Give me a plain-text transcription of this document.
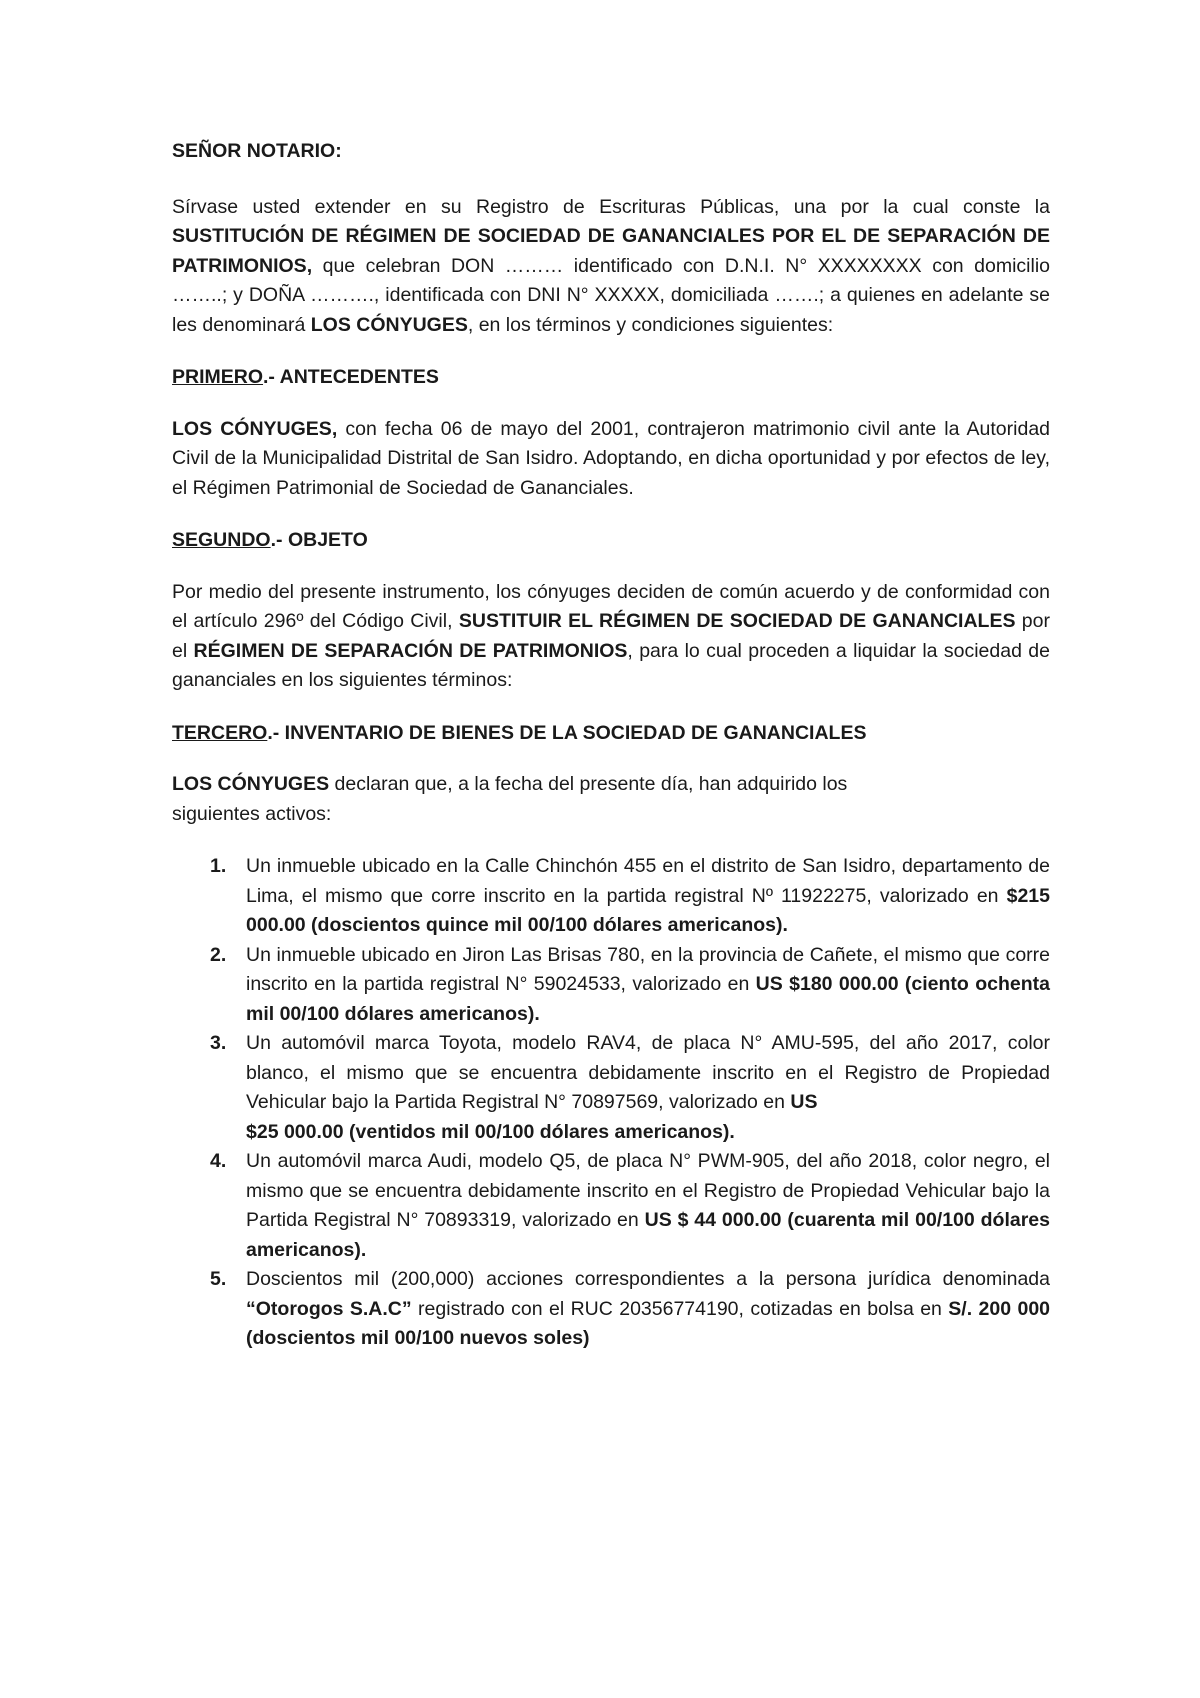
SEÑOR NOTARIO:

Sírvase usted extender en su Registro de Escrituras Públicas, una por la cual conste la SUSTITUCIÓN DE RÉGIMEN DE SOCIEDAD DE GANANCIALES POR EL DE SEPARACIÓN DE PATRIMONIOS, que celebran DON ……… identificado con D.N.I. N° XXXXXXXX con domicilio ……..; y DOÑA ………., identificada con DNI N° XXXXX, domiciliada …….; a quienes en adelante se les denominará LOS CÓNYUGES, en los términos y condiciones siguientes:

PRIMERO.- ANTECEDENTES

LOS CÓNYUGES, con fecha 06 de mayo del 2001, contrajeron matrimonio civil ante la Autoridad Civil de la Municipalidad Distrital de San Isidro. Adoptando, en dicha oportunidad y por efectos de ley, el Régimen Patrimonial de Sociedad de Gananciales.

SEGUNDO.- OBJETO

Por medio del presente instrumento, los cónyuges deciden de común acuerdo y de conformidad con el artículo 296º del Código Civil, SUSTITUIR EL RÉGIMEN DE SOCIEDAD DE GANANCIALES por el RÉGIMEN DE SEPARACIÓN DE PATRIMONIOS, para lo cual proceden a liquidar la sociedad de gananciales en los siguientes términos:

TERCERO.- INVENTARIO DE BIENES DE LA SOCIEDAD DE GANANCIALES

LOS CÓNYUGES declaran que, a la fecha del presente día, han adquirido los siguientes activos:

1. Un inmueble ubicado en la Calle Chinchón 455 en el distrito de San Isidro, departamento de Lima, el mismo que corre inscrito en la partida registral Nº 11922275, valorizado en $215 000.00 (doscientos quince mil 00/100 dólares americanos).
2. Un inmueble ubicado en Jiron Las Brisas 780, en la provincia de Cañete, el mismo que corre inscrito en la partida registral N° 59024533, valorizado en US $180 000.00 (ciento ochenta mil 00/100 dólares americanos).
3. Un automóvil marca Toyota, modelo RAV4, de placa N° AMU-595, del año 2017, color blanco, el mismo que se encuentra debidamente inscrito en el Registro de Propiedad Vehicular bajo la Partida Registral N° 70897569, valorizado en US
$25 000.00 (ventidos mil 00/100 dólares americanos).
4. Un automóvil marca Audi, modelo Q5, de placa N° PWM-905, del año 2018, color negro, el mismo que se encuentra debidamente inscrito en el Registro de Propiedad Vehicular bajo la Partida Registral N° 70893319, valorizado en US $ 44 000.00 (cuarenta mil 00/100 dólares americanos).
5. Doscientos mil (200,000) acciones correspondientes a la persona jurídica denominada “Otorogos S.A.C” registrado con el RUC 20356774190, cotizadas en bolsa en S/. 200 000 (doscientos mil 00/100 nuevos soles)
